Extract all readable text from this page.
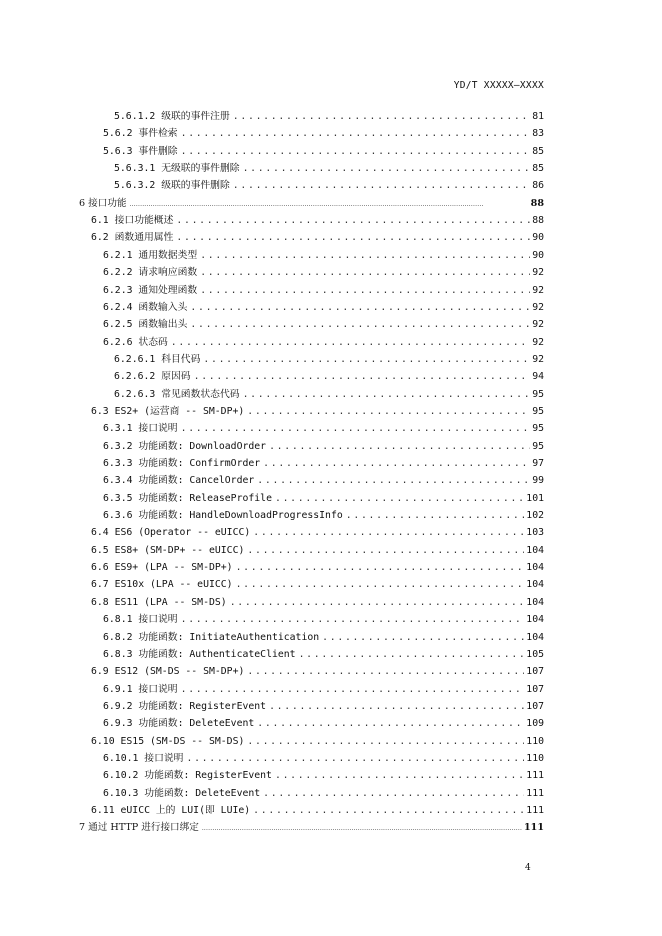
YD/T XXXXX—XXXX
5.6.1.2 级联的事件注册 .....	81
5.6.2 事件检索 .....	83
5.6.3 事件删除 .....	85
5.6.3.1 无级联的事件删除 .....	85
5.6.3.2 级联的事件删除 .....	86
6 接口功能 .....	88
6.1 接口功能概述 .....	88
6.2 函数通用属性 .....	90
6.2.1 通用数据类型 .....	90
6.2.2 请求响应函数 .....	92
6.2.3 通知处理函数 .....	92
6.2.4 函数输入头 .....	92
6.2.5 函数输出头 .....	92
6.2.6 状态码 .....	92
6.2.6.1 科目代码 .....	92
6.2.6.2 原因码 .....	94
6.2.6.3 常见函数状态代码 .....	95
6.3 ES2+ (运营商 -- SM-DP+) .....	95
6.3.1 接口说明 .....	95
6.3.2 功能函数: DownloadOrder .....	95
6.3.3 功能函数: ConfirmOrder .....	97
6.3.4 功能函数: CancelOrder .....	99
6.3.5 功能函数: ReleaseProfile .....	101
6.3.6 功能函数: HandleDownloadProgressInfo .....	102
6.4 ES6 (Operator -- eUICC) .....	103
6.5 ES8+ (SM-DP+ -- eUICC) .....	104
6.6 ES9+ (LPA -- SM-DP+) .....	104
6.7 ES10x (LPA -- eUICC) .....	104
6.8 ES11 (LPA -- SM-DS) .....	104
6.8.1 接口说明 .....	104
6.8.2 功能函数: InitiateAuthentication .....	104
6.8.3 功能函数: AuthenticateClient .....	105
6.9 ES12 (SM-DS -- SM-DP+) .....	107
6.9.1 接口说明 .....	107
6.9.2 功能函数: RegisterEvent .....	107
6.9.3 功能函数: DeleteEvent .....	109
6.10 ES15 (SM-DS -- SM-DS) .....	110
6.10.1 接口说明 .....	110
6.10.2 功能函数: RegisterEvent .....	111
6.10.3 功能函数: DeleteEvent .....	111
6.11 eUICC 上的 LUI(即 LUIe) .....	111
7 通过 HTTP 进行接口绑定 .....	111
4
